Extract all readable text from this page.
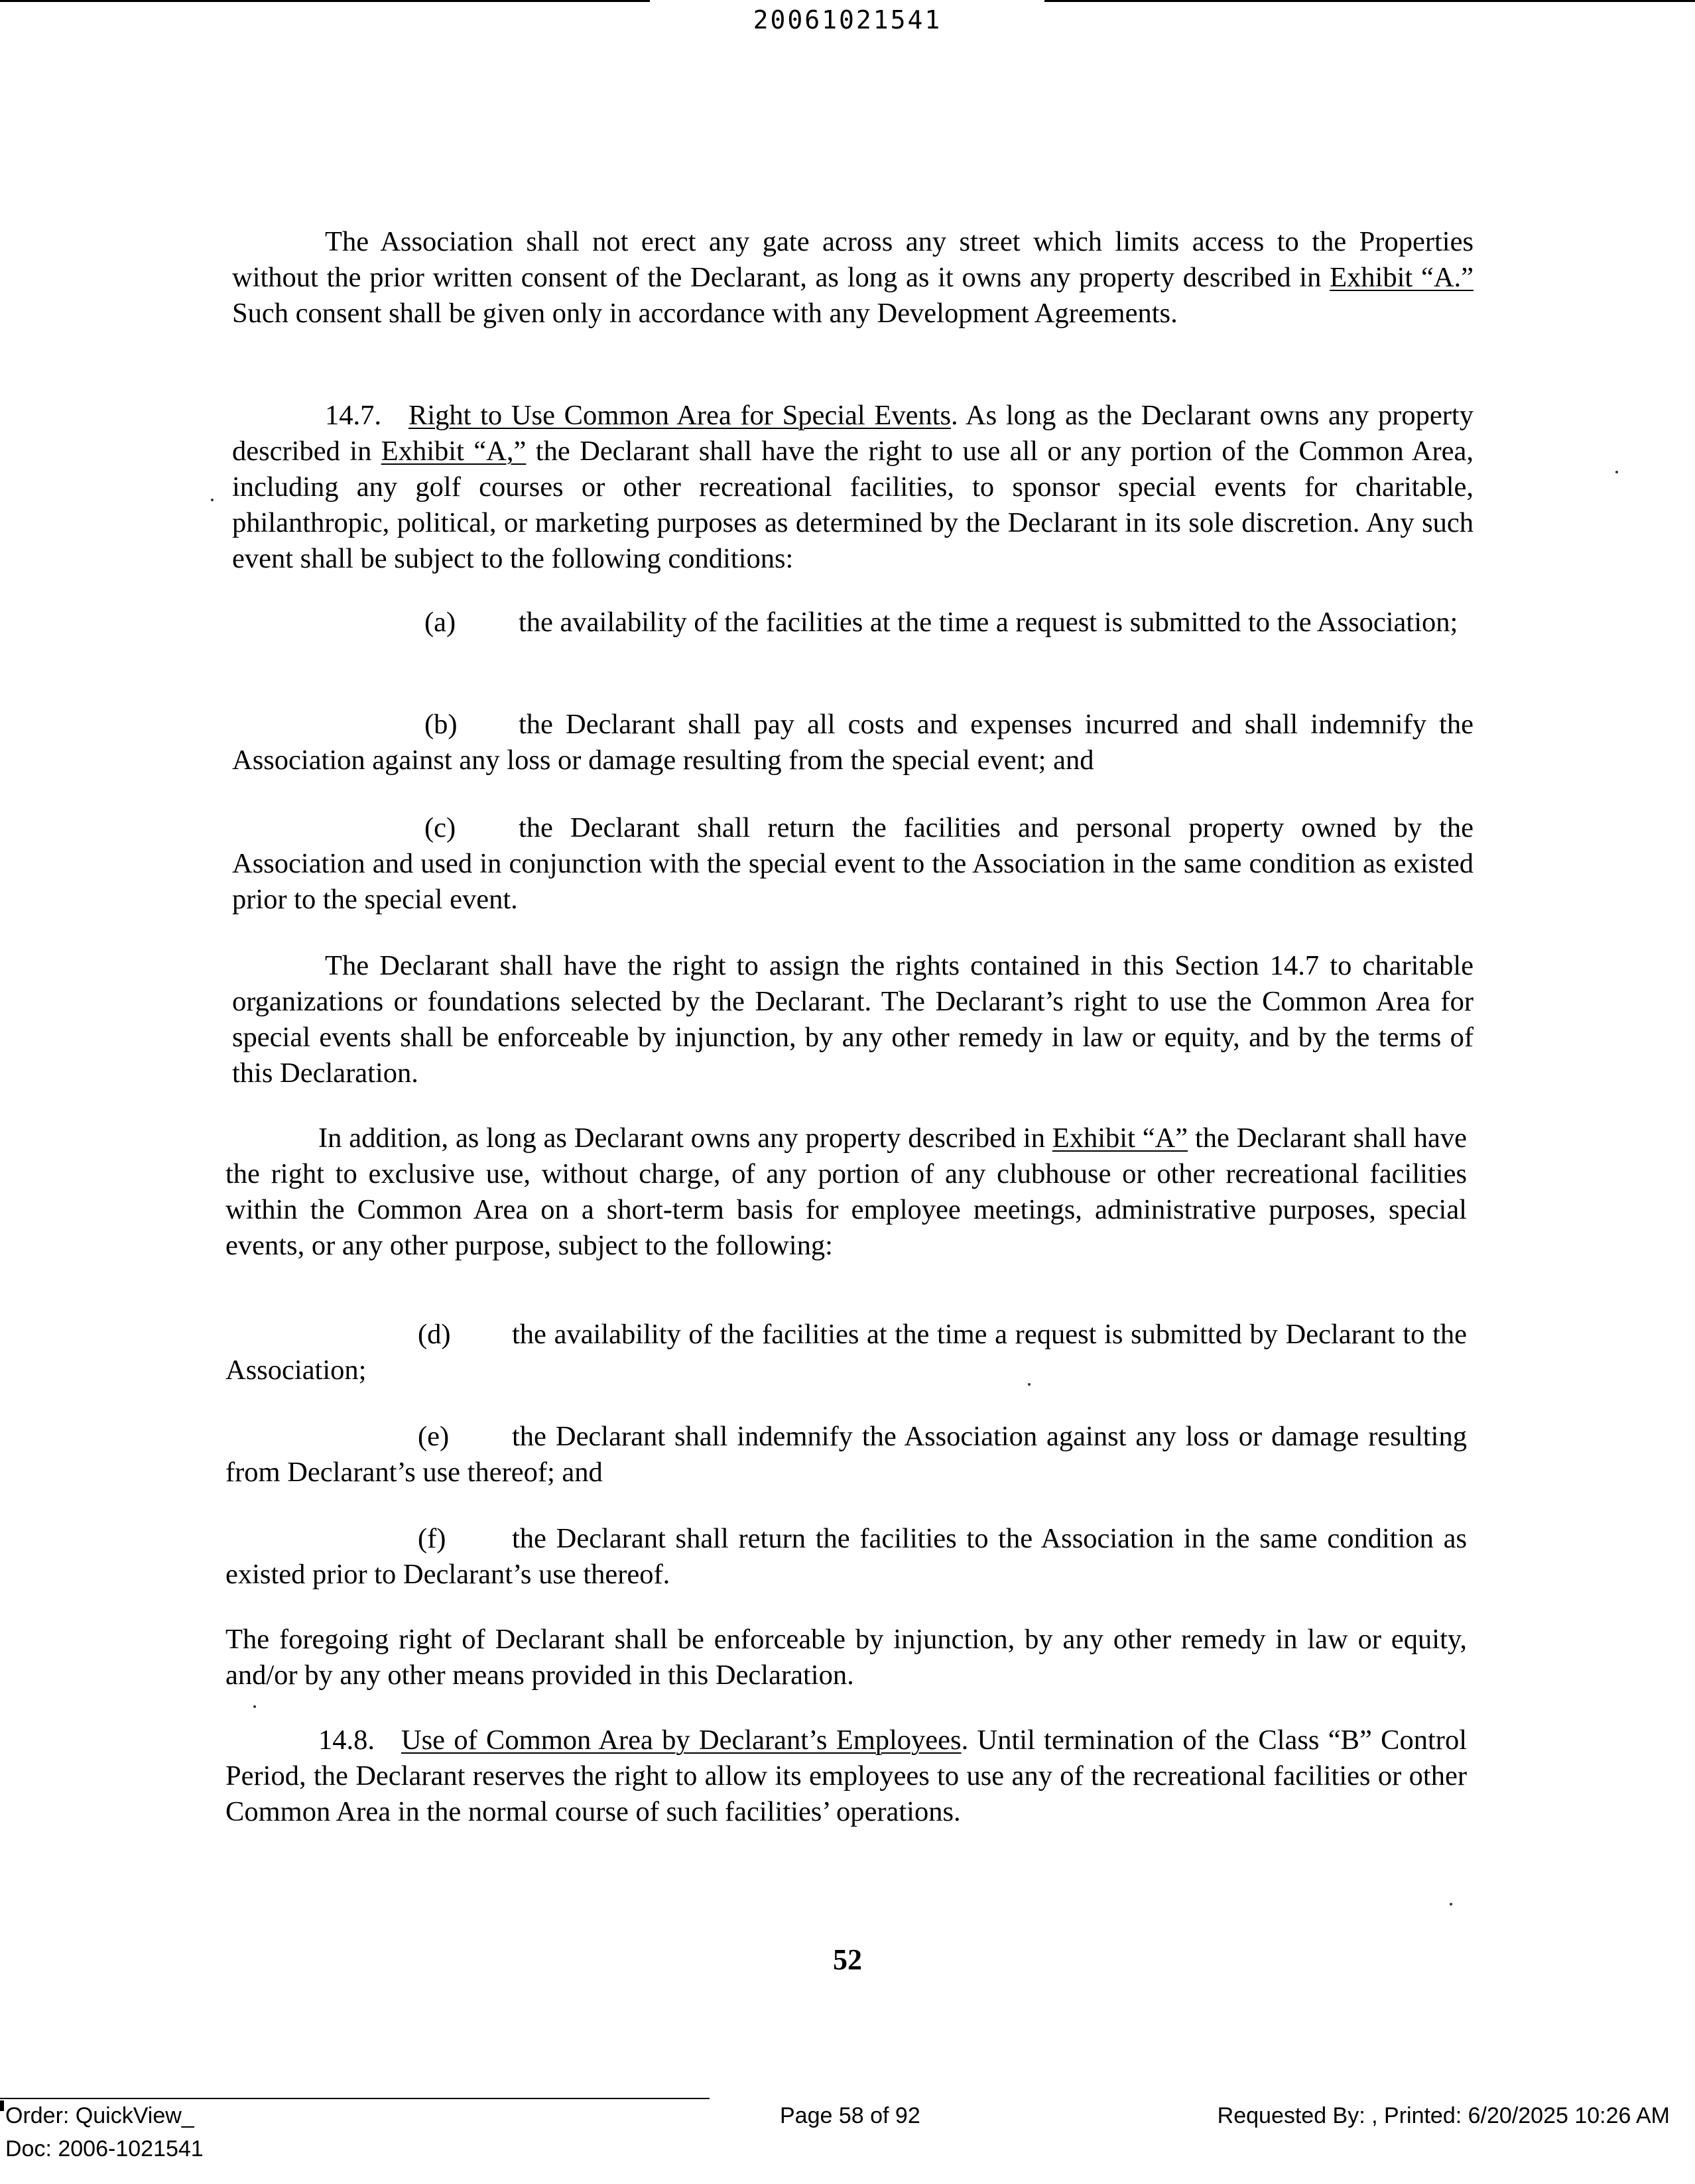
20061021541

The Association shall not erect any gate across any street which limits access to the Properties without the prior written consent of the Declarant, as long as it owns any property described in Exhibit “A.” Such consent shall be given only in accordance with any Development Agreements.

14.7. Right to Use Common Area for Special Events. As long as the Declarant owns any property described in Exhibit “A,” the Declarant shall have the right to use all or any portion of the Common Area, including any golf courses or other recreational facilities, to sponsor special events for charitable, philanthropic, political, or marketing purposes as determined by the Declarant in its sole discretion. Any such event shall be subject to the following conditions:

(a) the availability of the facilities at the time a request is submitted to the Association;

(b) the Declarant shall pay all costs and expenses incurred and shall indemnify the Association against any loss or damage resulting from the special event; and

(c) the Declarant shall return the facilities and personal property owned by the Association and used in conjunction with the special event to the Association in the same condition as existed prior to the special event.

The Declarant shall have the right to assign the rights contained in this Section 14.7 to charitable organizations or foundations selected by the Declarant. The Declarant’s right to use the Common Area for special events shall be enforceable by injunction, by any other remedy in law or equity, and by the terms of this Declaration.

In addition, as long as Declarant owns any property described in Exhibit “A” the Declarant shall have the right to exclusive use, without charge, of any portion of any clubhouse or other recreational facilities within the Common Area on a short-term basis for employee meetings, administrative purposes, special events, or any other purpose, subject to the following:

(d) the availability of the facilities at the time a request is submitted by Declarant to the Association;

(e) the Declarant shall indemnify the Association against any loss or damage resulting from Declarant’s use thereof; and

(f) the Declarant shall return the facilities to the Association in the same condition as existed prior to Declarant’s use thereof.

The foregoing right of Declarant shall be enforceable by injunction, by any other remedy in law or equity, and/or by any other means provided in this Declaration.

14.8. Use of Common Area by Declarant’s Employees. Until termination of the Class “B” Control Period, the Declarant reserves the right to allow its employees to use any of the recreational facilities or other Common Area in the normal course of such facilities’ operations.

52
Order: QuickView_
Doc: 2006-1021541
Page 58 of 92	Requested By: , Printed: 6/20/2025 10:26 AM
